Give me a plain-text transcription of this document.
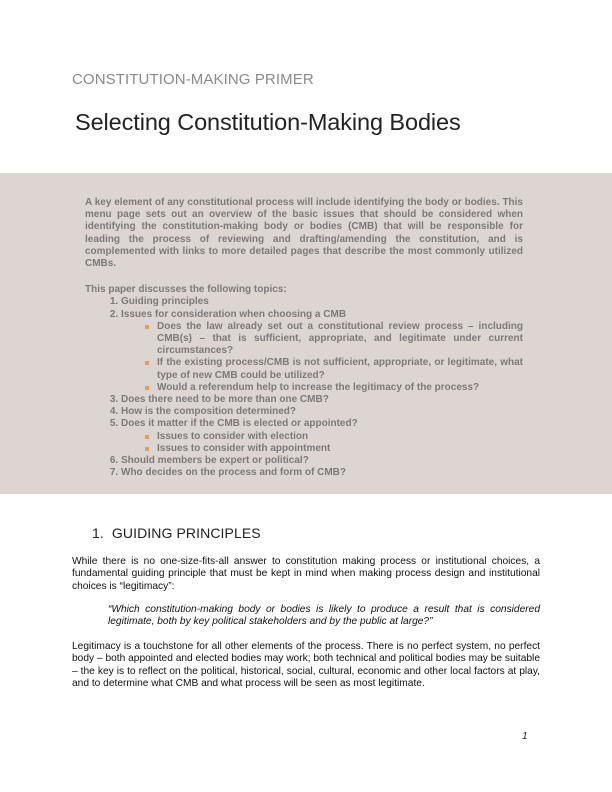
CONSTITUTION-MAKING PRIMER
Selecting Constitution-Making Bodies

A key element of any constitutional process will include identifying the body or bodies. This menu page sets out an overview of the basic issues that should be considered when identifying the constitution-making body or bodies (CMB) that will be responsible for leading the process of reviewing and drafting/amending the constitution, and is complemented with links to more detailed pages that describe the most commonly utilized CMBs.

This paper discusses the following topics:

1. Guiding principles
2. Issues for consideration when choosing a CMB
Does the law already set out a constitutional review process – including CMB(s) – that is sufficient, appropriate, and legitimate under current circumstances?
If the existing process/CMB is not sufficient, appropriate, or legitimate, what type of new CMB could be utilized?
Would a referendum help to increase the legitimacy of the process?
3. Does there need to be more than one CMB?
4. How is the composition determined?
5. Does it matter if the CMB is elected or appointed?
Issues to consider with election
Issues to consider with appointment
6. Should members be expert or political?
7. Who decides on the process and form of CMB?
1. GUIDING PRINCIPLES

While there is no one-size-fits-all answer to constitution making process or institutional choices, a fundamental guiding principle that must be kept in mind when making process design and institutional choices is “legitimacy”:

“Which constitution-making body or bodies is likely to produce a result that is considered legitimate, both by key political stakeholders and by the public at large?”

Legitimacy is a touchstone for all other elements of the process. There is no perfect system, no perfect body – both appointed and elected bodies may work; both technical and political bodies may be suitable – the key is to reflect on the political, historical, social, cultural, economic and other local factors at play, and to determine what CMB and what process will be seen as most legitimate.

1
